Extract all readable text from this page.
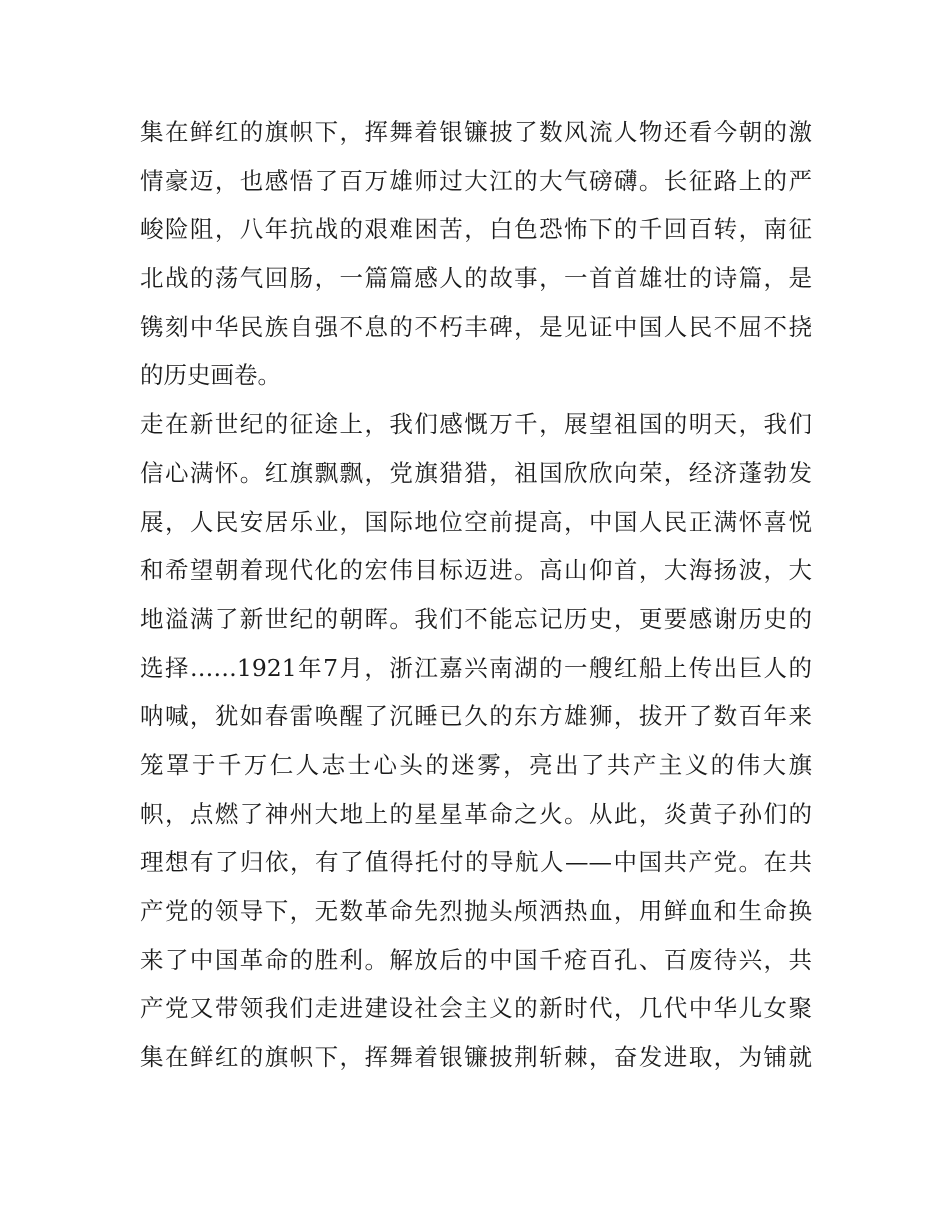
集在鲜红的旗帜下，挥舞着银镰披了数风流人物还看今朝的激
情豪迈，也感悟了百万雄师过大江的大气磅礴。长征路上的严
峻险阻，八年抗战的艰难困苦，白色恐怖下的千回百转，南征
北战的荡气回肠，一篇篇感人的故事，一首首雄壮的诗篇，是
镌刻中华民族自强不息的不朽丰碑，是见证中国人民不屈不挠
的历史画卷。
走在新世纪的征途上，我们感慨万千，展望祖国的明天，我们
信心满怀。红旗飘飘，党旗猎猎，祖国欣欣向荣，经济蓬勃发
展，人民安居乐业，国际地位空前提高，中国人民正满怀喜悦
和希望朝着现代化的宏伟目标迈进。高山仰首，大海扬波，大
地溢满了新世纪的朝晖。我们不能忘记历史，更要感谢历史的
选择……1921年7月，浙江嘉兴南湖的一艘红船上传出巨人的
呐喊，犹如春雷唤醒了沉睡已久的东方雄狮，拔开了数百年来
笼罩于千万仁人志士心头的迷雾，亮出了共产主义的伟大旗
帜，点燃了神州大地上的星星革命之火。从此，炎黄子孙们的
理想有了归依，有了值得托付的导航人——中国共产党。在共
产党的领导下，无数革命先烈抛头颅洒热血，用鲜血和生命换
来了中国革命的胜利。解放后的中国千疮百孔、百废待兴，共
产党又带领我们走进建设社会主义的新时代，几代中华儿女聚
集在鲜红的旗帜下，挥舞着银镰披荆斩棘，奋发进取，为铺就
